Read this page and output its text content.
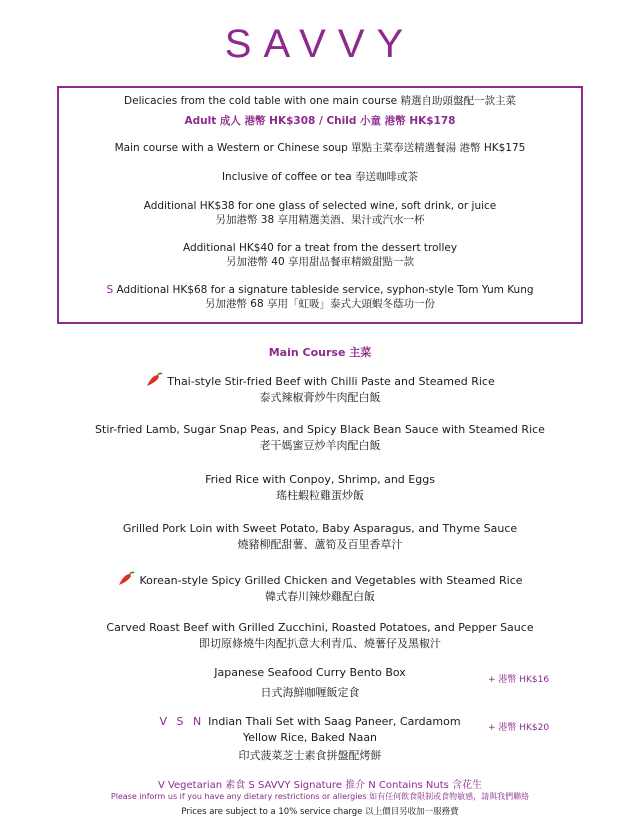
SAVVY

Delicacies from the cold table with one main course 精選自助頭盤配一款主菜

Adult 成人 港幣 HK$308 / Child 小童 港幣 HK$178

Main course with a Western or Chinese soup 單點主菜奉送精選餐湯 港幣 HK$175

Inclusive of coffee or tea 奉送咖啡或茶

Additional HK$38 for one glass of selected wine, soft drink, or juice

另加港幣 38 享用精選美酒、果汁或汽水一杯

Additional HK$40 for a treat from the dessert trolley

另加港幣 40 享用甜品餐車精緻甜點一款

S Additional HK$68 for a signature tableside service, syphon-style Tom Yum Kung

另加港幣 68 享用「虹吸」泰式大頭蝦冬蔭功一份

Main Course 主菜
Thai-style Stir-fried Beef with Chilli Paste and Steamed Rice
泰式辣椒膏炒牛肉配白飯
Stir-fried Lamb, Sugar Snap Peas, and Spicy Black Bean Sauce with Steamed Rice
老干媽蜜豆炒羊肉配白飯
Fried Rice with Conpoy, Shrimp, and Eggs
瑤柱蝦粒雞蛋炒飯
Grilled Pork Loin with Sweet Potato, Baby Asparagus, and Thyme Sauce
燒豬柳配甜薯、蘆筍及百里香草汁
Korean-style Spicy Grilled Chicken and Vegetables with Steamed Rice
韓式春川辣炒雞配白飯
Carved Roast Beef with Grilled Zucchini, Roasted Potatoes, and Pepper Sauce
即切原條燒牛肉配扒意大利青瓜、燒薯仔及黑椒汁
Japanese Seafood Curry Bento Box
日式海鮮咖喱飯定食
+ 港幣 HK$16
V S N Indian Thali Set with Saag Paneer, Cardamom
Yellow Rice, Baked Naan
印式菠菜芝士素食拼盤配烤餅
+ 港幣 HK$20
V Vegetarian 素食 S SAVVY Signature 推介 N Contains Nuts 含花生
Please inform us if you have any dietary restrictions or allergies 如有任何飲食限制或食物敏感，請與我們聯絡
Prices are subject to a 10% service charge 以上價目另收加一服務費
